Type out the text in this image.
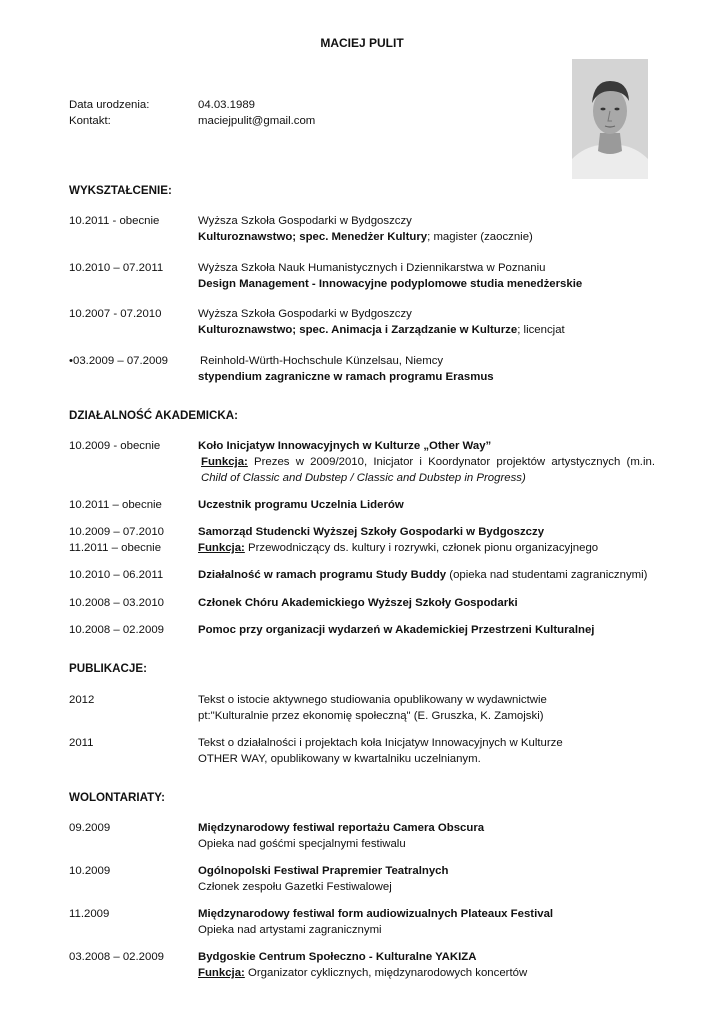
MACIEJ PULIT
Data urodzenia:	04.03.1989
Kontakt:	maciejpulit@gmail.com
WYKSZTAŁCENIE:
10.2011 - obecnie	Wyższa Szkoła Gospodarki w Bydgoszczy
Kulturoznawstwo; spec. Menedżer Kultury; magister (zaocznie)
10.2010 – 07.2011	Wyższa Szkoła Nauk Humanistycznych i Dziennikarstwa w Poznaniu
Design Management - Innowacyjne podyplomowe studia menedżerskie
10.2007 - 07.2010	Wyższa Szkoła Gospodarki w Bydgoszczy
Kulturoznawstwo; spec. Animacja i Zarządzanie w Kulturze; licencjat
•03.2009 – 07.2009	Reinhold-Würth-Hochschule Künzelsau, Niemcy
stypendium zagraniczne w ramach programu Erasmus
DZIAŁALNOŚĆ AKADEMICKA:
10.2009 - obecnie	Koło Inicjatyw Innowacyjnych w Kulturze „Other Way”
Funkcja: Prezes w 2009/2010, Inicjator i Koordynator projektów artystycznych (m.in.
Child of Classic and Dubstep / Classic and Dubstep in Progress)
10.2011 – obecnie	Uczestnik programu Uczelnia Liderów
10.2009 – 07.2010	Samorząd Studencki Wyższej Szkoły Gospodarki w Bydgoszczy
11.2011 – obecnie	Funkcja: Przewodniczący ds. kultury i rozrywki, członek pionu organizacyjnego
10.2010 – 06.2011	Działalność w ramach programu Study Buddy (opieka nad studentami zagranicznymi)
10.2008 – 03.2010	Członek Chóru Akademickiego Wyższej Szkoły Gospodarki
10.2008 – 02.2009	Pomoc przy organizacji wydarzeń w Akademickiej Przestrzeni Kulturalnej
PUBLIKACJE:
2012	Tekst o istocie aktywnego studiowania opublikowany w wydawnictwie
pt:"Kulturalnie przez ekonomię społeczną" (E. Gruszka, K. Zamojski)
2011	Tekst o działalności i projektach koła Inicjatyw Innowacyjnych w Kulturze
OTHER WAY, opublikowany w kwartalniku uczelnianym.
WOLONTARIATY:
09.2009	Międzynarodowy festiwal reportażu Camera Obscura
Opieka nad gośćmi specjalnymi festiwalu
10.2009	Ogólnopolski Festiwal Prapremier Teatralnych
Członek zespołu Gazetki Festiwalowej
11.2009	Międzynarodowy festiwal form audiowizualnych Plateaux Festival
Opieka nad artystami zagranicznymi
03.2008 – 02.2009	Bydgoskie Centrum Społeczno - Kulturalne YAKIZA
Funkcja: Organizator cyklicznych, międzynarodowych koncertów
